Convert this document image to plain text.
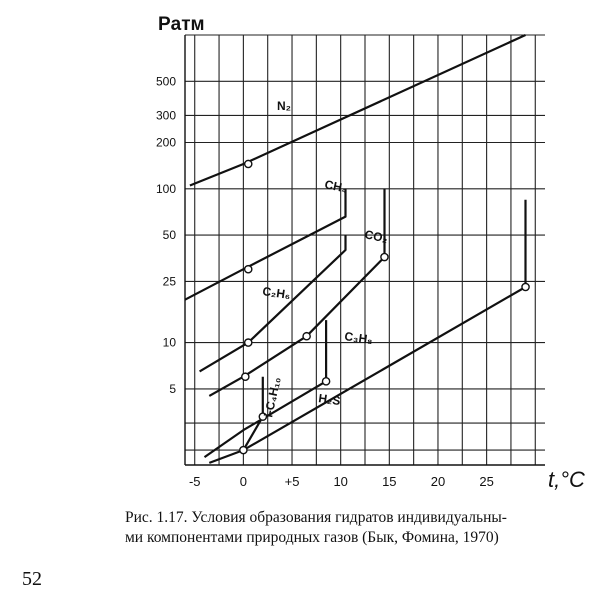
5
10
25
50
100
200
300
500
-5	0	+5	10	15	20	25
Pатм
t,°C
N₂
CH₄
CO₂
C₂H₆
C₃H₈
i-C₄H₁₀	H₂S
Рис. 1.17. Условия образования гидратов индивидуальны-
ми компонентами природных газов (Бык, Фомина, 1970)
52
